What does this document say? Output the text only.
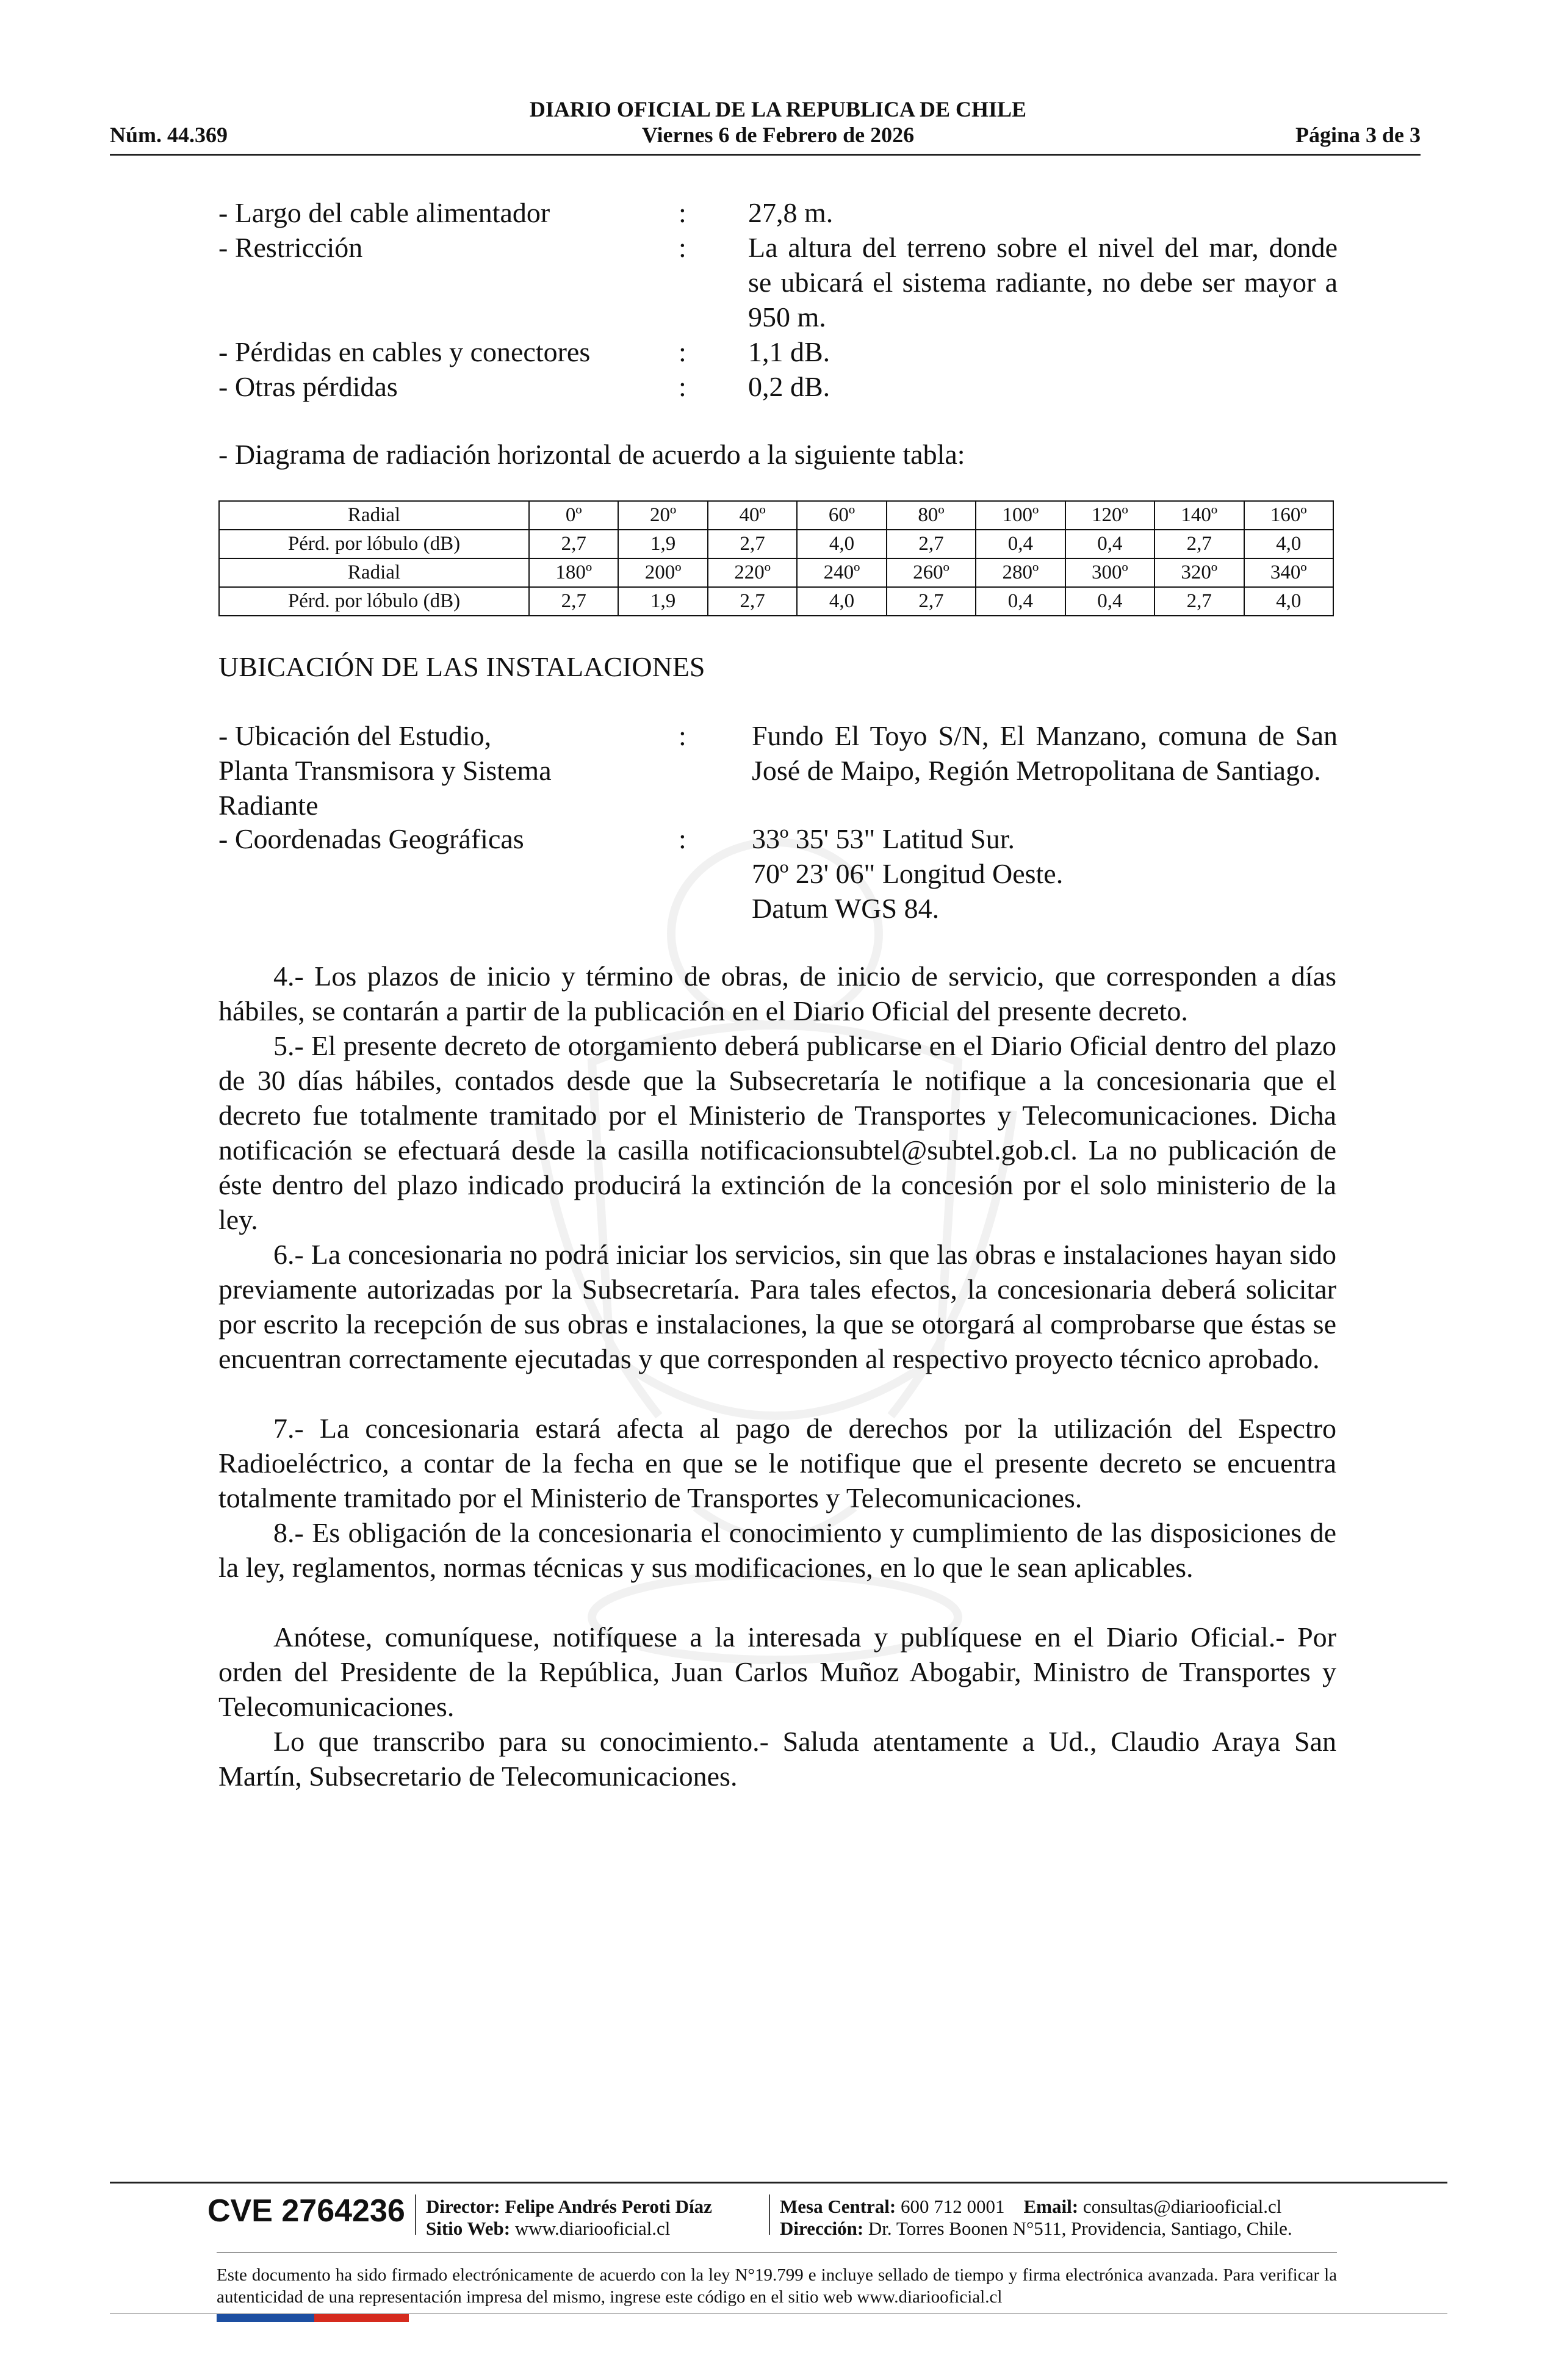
DIARIO OFICIAL DE LA REPUBLICA DE CHILE
Núm. 44.369	Viernes 6 de Febrero de 2026	Página 3 de 3
- Largo del cable alimentador	: 27,8 m.
- Restricción	: La altura del terreno sobre el nivel del mar, donde se ubicará el sistema radiante, no debe ser mayor a 950 m.
- Pérdidas en cables y conectores	: 1,1 dB.
- Otras pérdidas	: 0,2 dB.
- Diagrama de radiación horizontal de acuerdo a la siguiente tabla:
Radial	0º	20º	40º	60º	80º	100º	120º	140º	160º
Pérd. por lóbulo (dB)	2,7	1,9	2,7	4,0	2,7	0,4	0,4	2,7	4,0
Radial	180º	200º	220º	240º	260º	280º	300º	320º	340º
Pérd. por lóbulo (dB)	2,7	1,9	2,7	4,0	2,7	0,4	0,4	2,7	4,0
UBICACIÓN DE LAS INSTALACIONES
- Ubicación del Estudio, Planta Transmisora y Sistema Radiante
: Fundo El Toyo S/N, El Manzano, comuna de San José de Maipo, Región Metropolitana de Santiago.
- Coordenadas Geográficas	: 33º 35' 53" Latitud Sur.
70º 23' 06" Longitud Oeste.
Datum WGS 84.
4.- Los plazos de inicio y término de obras, de inicio de servicio, que corresponden a días hábiles, se contarán a partir de la publicación en el Diario Oficial del presente decreto.
5.- El presente decreto de otorgamiento deberá publicarse en el Diario Oficial dentro del plazo de 30 días hábiles, contados desde que la Subsecretaría le notifique a la concesionaria que el decreto fue totalmente tramitado por el Ministerio de Transportes y Telecomunicaciones. Dicha notificación se efectuará desde la casilla notificacionsubtel@subtel.gob.cl. La no publicación de éste dentro del plazo indicado producirá la extinción de la concesión por el solo ministerio de la ley.
6.- La concesionaria no podrá iniciar los servicios, sin que las obras e instalaciones hayan sido previamente autorizadas por la Subsecretaría. Para tales efectos, la concesionaria deberá solicitar por escrito la recepción de sus obras e instalaciones, la que se otorgará al comprobarse que éstas se encuentran correctamente ejecutadas y que corresponden al respectivo proyecto técnico aprobado.
7.- La concesionaria estará afecta al pago de derechos por la utilización del Espectro Radioeléctrico, a contar de la fecha en que se le notifique que el presente decreto se encuentra totalmente tramitado por el Ministerio de Transportes y Telecomunicaciones.
8.- Es obligación de la concesionaria el conocimiento y cumplimiento de las disposiciones de la ley, reglamentos, normas técnicas y sus modificaciones, en lo que le sean aplicables.
Anótese, comuníquese, notifíquese a la interesada y publíquese en el Diario Oficial.- Por orden del Presidente de la República, Juan Carlos Muñoz Abogabir, Ministro de Transportes y Telecomunicaciones.
Lo que transcribo para su conocimiento.- Saluda atentamente a Ud., Claudio Araya San Martín, Subsecretario de Telecomunicaciones.
CVE 2764236 Director: Felipe Andrés Peroti Díaz
Sitio Web: www.diariooficial.cl
Mesa Central: 600 712 0001 Email: consultas@diariooficial.cl
Dirección: Dr. Torres Boonen N°511, Providencia, Santiago, Chile.
Este documento ha sido firmado electrónicamente de acuerdo con la ley N°19.799 e incluye sellado de tiempo y firma electrónica avanzada. Para verificar la autenticidad de una representación impresa del mismo, ingrese este código en el sitio web www.diariooficial.cl
